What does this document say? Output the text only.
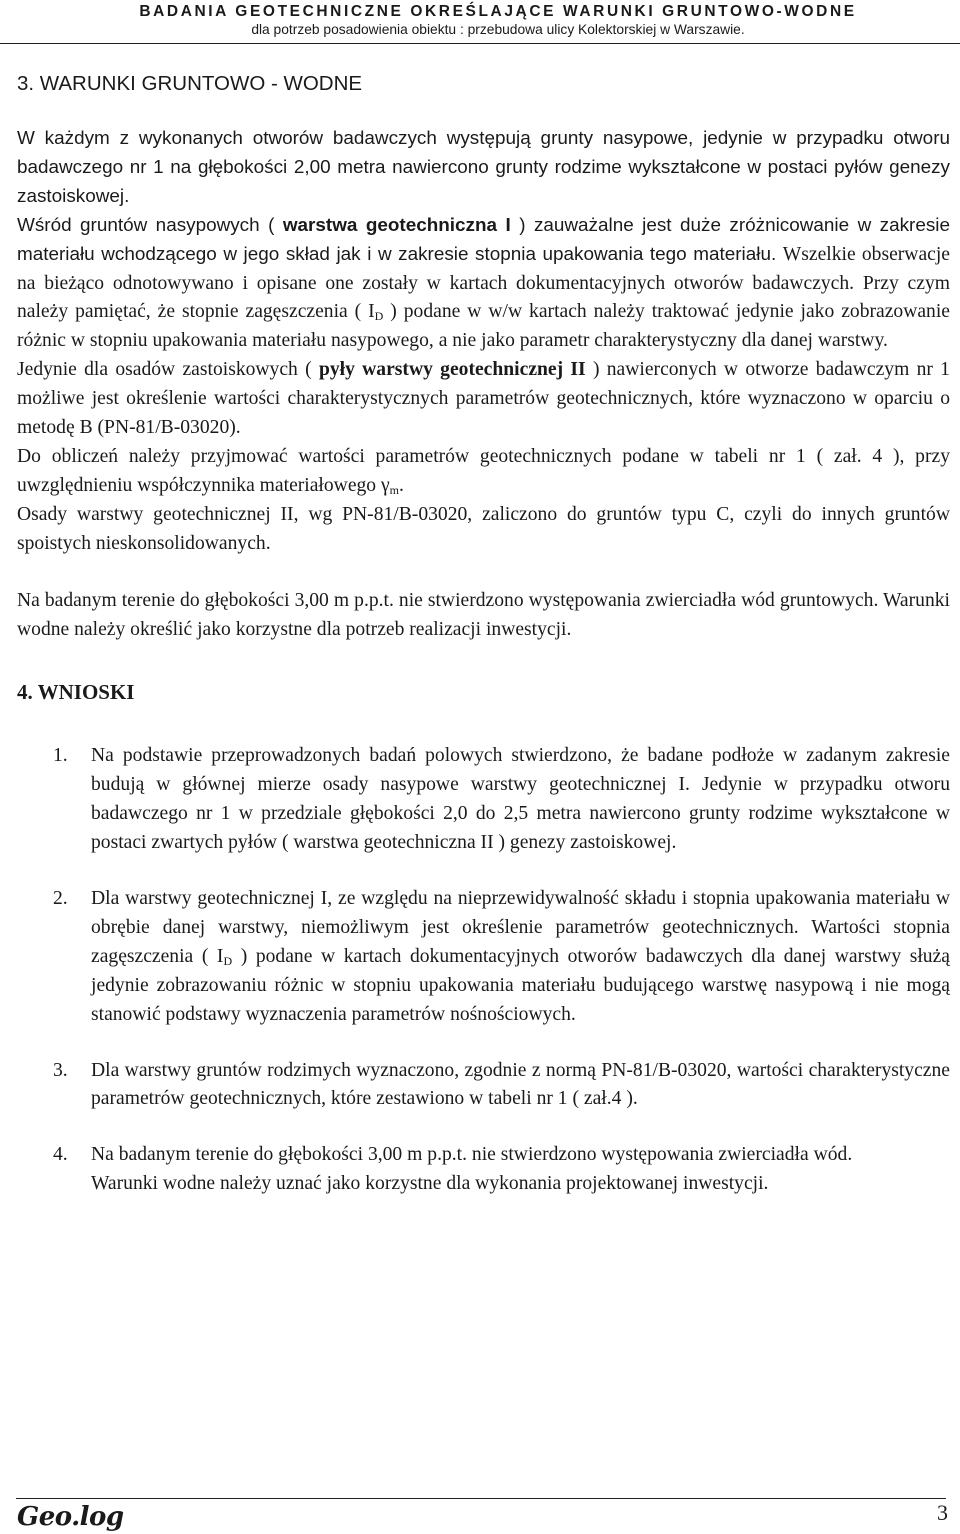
BADANIA GEOTECHNICZNE OKREŚLAJĄCE WARUNKI GRUNTOWO-WODNE
dla potrzeb posadowienia obiektu : przebudowa ulicy Kolektorskiej w Warszawie.
3. WARUNKI GRUNTOWO - WODNE

W każdym z wykonanych otworów badawczych występują grunty nasypowe, jedynie w przypadku otworu badawczego nr 1 na głębokości 2,00 metra nawiercono grunty rodzime wykształcone w postaci pyłów genezy zastoiskowej.

Wśród gruntów nasypowych ( warstwa geotechniczna I ) zauważalne jest duże zróżnicowanie w zakresie materiału wchodzącego w jego skład jak i w zakresie stopnia upakowania tego materiału. Wszelkie obserwacje na bieżąco odnotowywano i opisane one zostały w kartach dokumentacyjnych otworów badawczych. Przy czym należy pamiętać, że stopnie zagęszczenia ( $I_D$ ) podane w w/w kartach należy traktować jedynie jako zobrazowanie różnic w stopniu upakowania materiału nasypowego, a nie jako parametr charakterystyczny dla danej warstwy.

Jedynie dla osadów zastoiskowych ( pyły warstwy geotechnicznej II ) nawierconych w otworze badawczym nr 1 możliwe jest określenie wartości charakterystycznych parametrów geotechnicznych, które wyznaczono w oparciu o metodę B (PN-81/B-03020).

Do obliczeń należy przyjmować wartości parametrów geotechnicznych podane w tabeli nr 1 ( zał. 4 ), przy uwzględnieniu współczynnika materiałowego $\gamma_m$.

Osady warstwy geotechnicznej II, wg PN-81/B-03020, zaliczono do gruntów typu C, czyli do innych gruntów spoistych nieskonsolidowanych.

Na badanym terenie do głębokości 3,00 m p.p.t. nie stwierdzono występowania zwierciadła wód gruntowych. Warunki wodne należy określić jako korzystne dla potrzeb realizacji inwestycji.

4. WNIOSKI
1. Na podstawie przeprowadzonych badań polowych stwierdzono, że badane podłoże w zadanym zakresie budują w głównej mierze osady nasypowe warstwy geotechnicznej I. Jedynie w przypadku otworu badawczego nr 1 w przedziale głębokości 2,0 do 2,5 metra nawiercono grunty rodzime wykształcone w postaci zwartych pyłów ( warstwa geotechniczna II ) genezy zastoiskowej.
2. Dla warstwy geotechnicznej I, ze względu na nieprzewidywalność składu i stopnia upakowania materiału w obrębie danej warstwy, niemożliwym jest określenie parametrów geotechnicznych. Wartości stopnia zagęszczenia ( $I_D$ ) podane w kartach dokumentacyjnych otworów badawczych dla danej warstwy służą jedynie zobrazowaniu różnic w stopniu upakowania materiału budującego warstwę nasypową i nie mogą stanowić podstawy wyznaczenia parametrów nośnościowych.
3. Dla warstwy gruntów rodzimych wyznaczono, zgodnie z normą PN-81/B-03020, wartości charakterystyczne parametrów geotechnicznych, które zestawiono w tabeli nr 1 ( zał.4 ).
4. Na badanym terenie do głębokości 3,00 m p.p.t. nie stwierdzono występowania zwierciadła wód.
Warunki wodne należy uznać jako korzystne dla wykonania projektowanej inwestycji.
Geo.log	3
